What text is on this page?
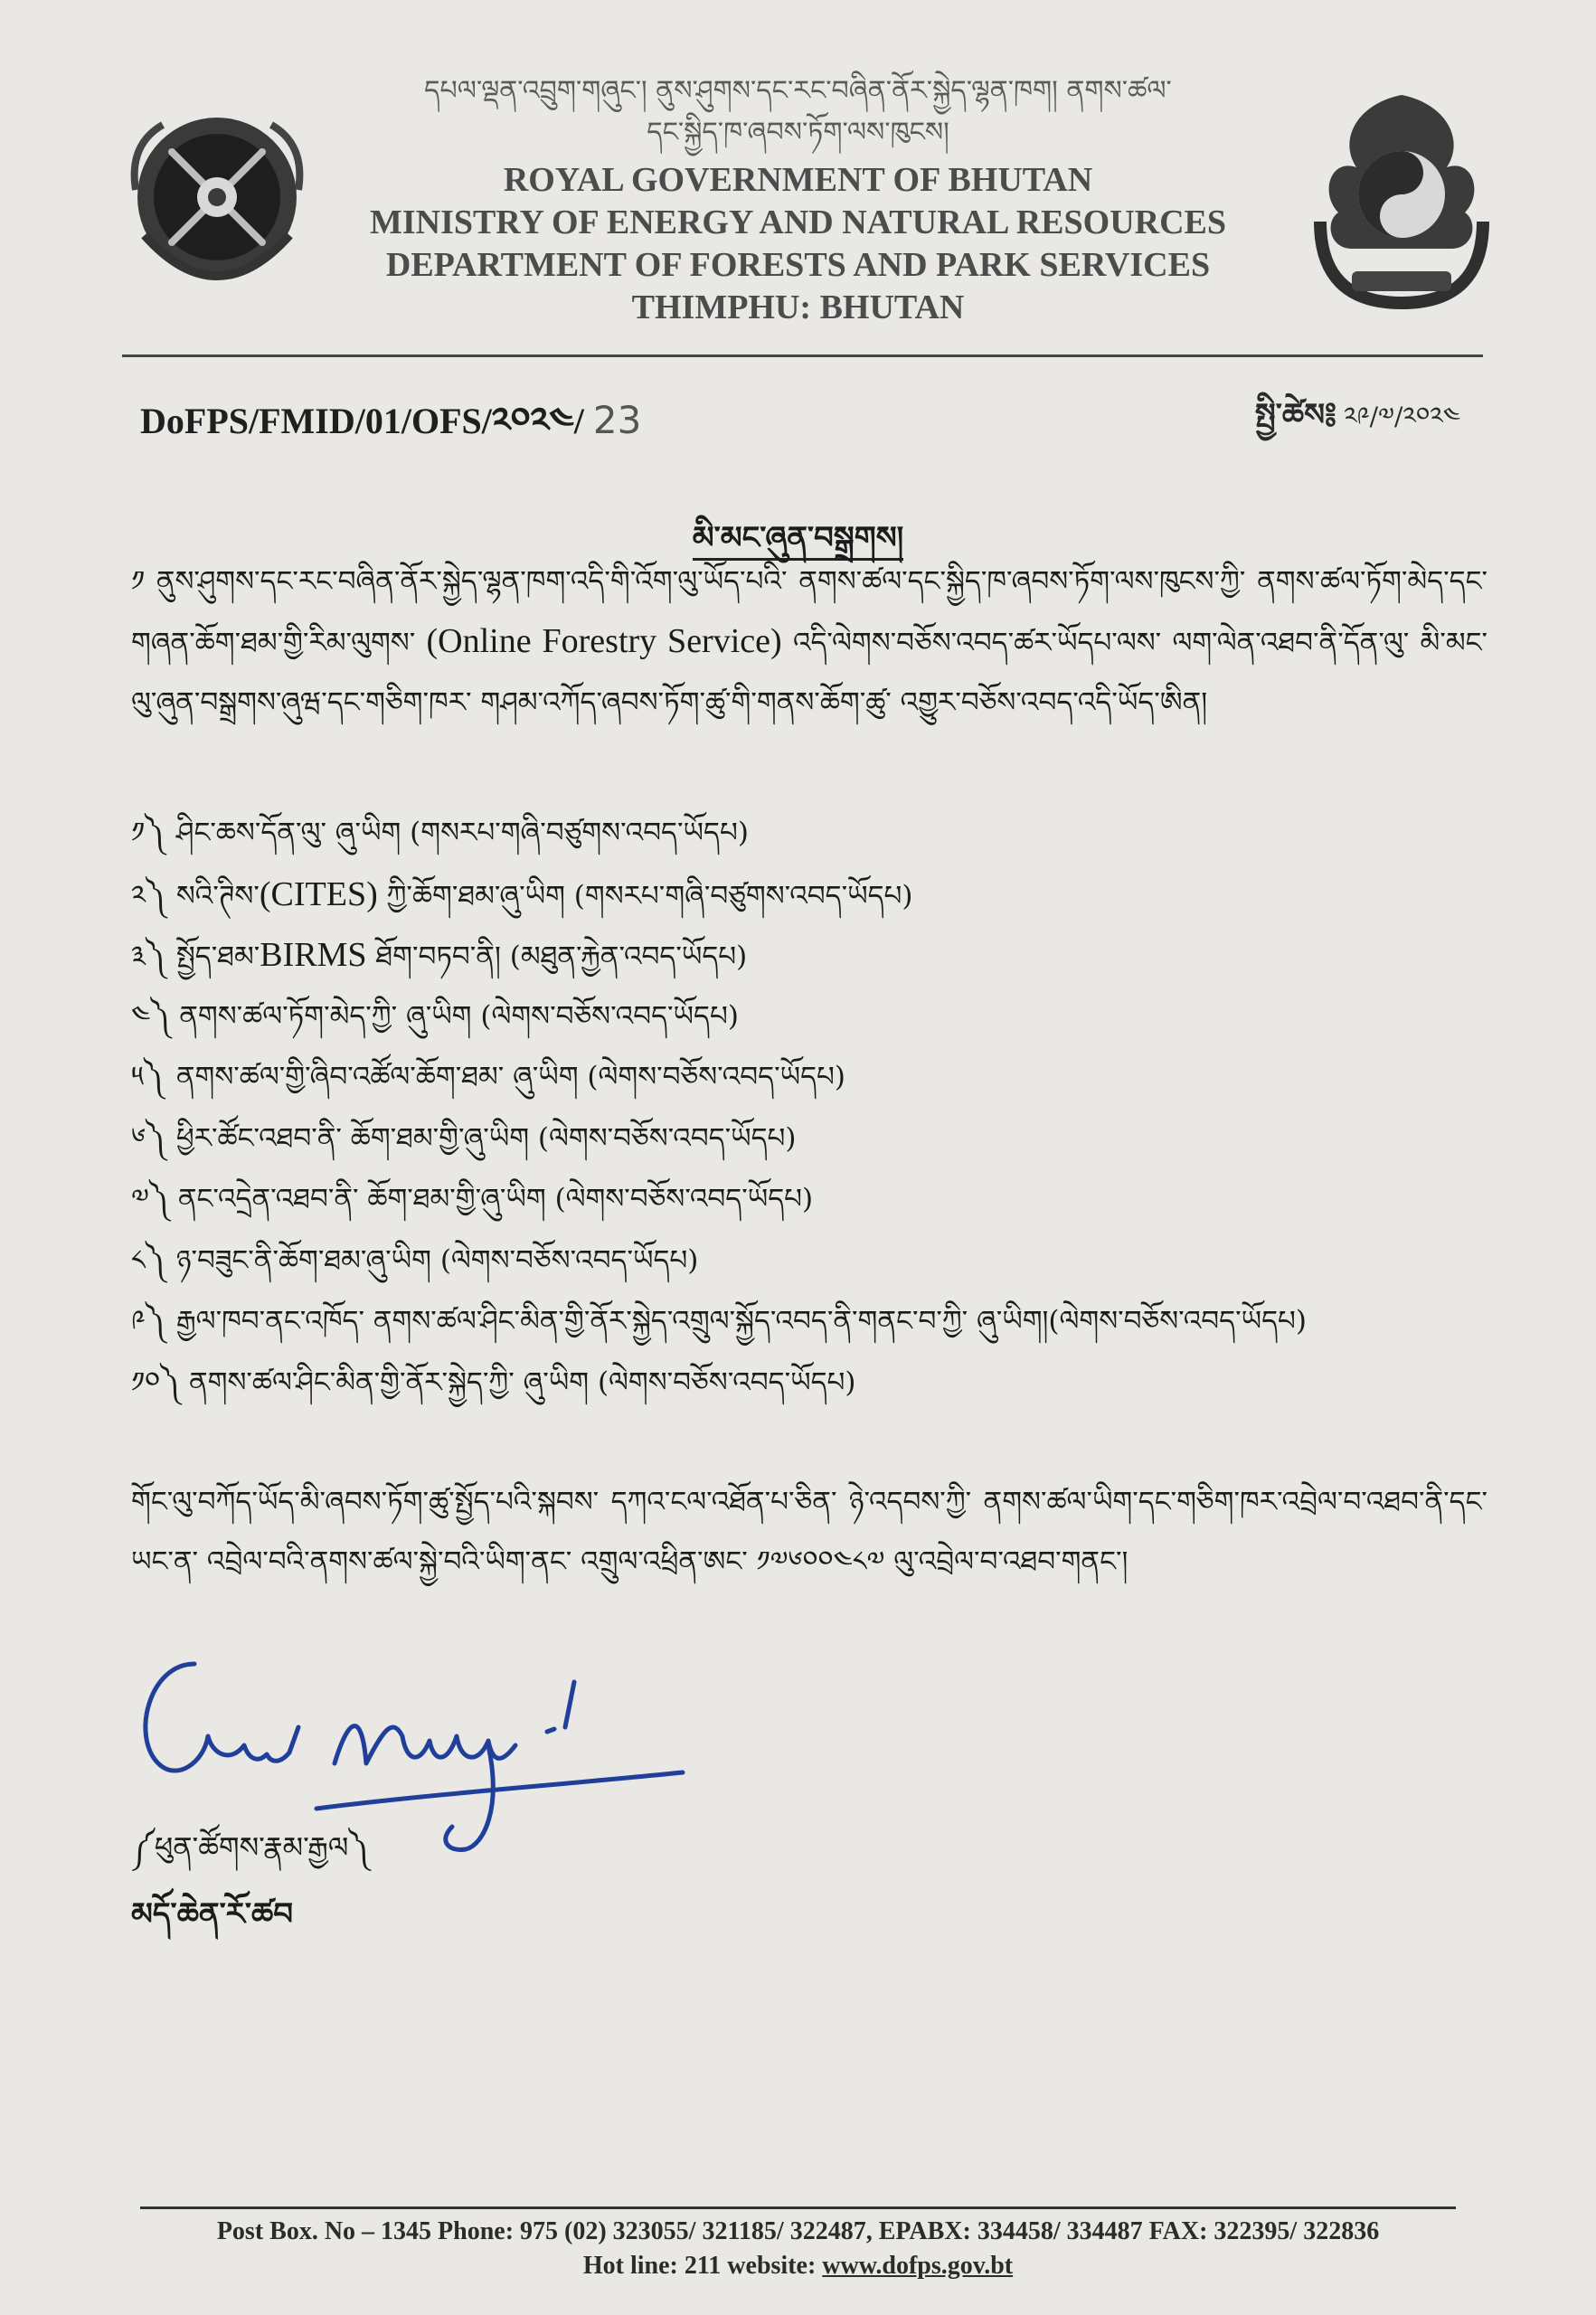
དཔལ་ལྡན་འབྲུག་གཞུང་། ནུས་ཤུགས་དང་རང་བཞིན་ནོར་སྐྱེད་ལྷན་ཁག། ནགས་ཚལ་
དང་སྐྱིད་ཁ་ཞབས་ཏོག་ལས་ཁུངས།
ROYAL GOVERNMENT OF BHUTAN
MINISTRY OF ENERGY AND NATURAL RESOURCES
DEPARTMENT OF FORESTS AND PARK SERVICES
THIMPHU: BHUTAN
DoFPS/FMID/01/OFS/༢༠༢༤/ 23	སྤྱི་ཚེས༔ ༢༩/༧/༢༠༢༤
མི་མང་ཞུན་བསྒྲགས།
༡ ནུས་ཤུགས་དང་རང་བཞིན་ནོར་སྐྱེད་ལྷན་ཁག་འདི་གི་འོག་ལུ་ཡོད་པའི་ ནགས་ཚལ་དང་སྐྱིད་ཁ་ཞབས་ཏོག་ལས་ཁུངས་ཀྱི་ ནགས་ཚལ་ཏོག་མེད་དང་གཞན་ཆོག་ཐམ་གྱི་རིམ་ལུགས་ (Online Forestry Service) འདི་ལེགས་བཅོས་འབད་ཚར་ཡོདཔ་ལས་ ལག་ལེན་འཐབ་ནི་དོན་ལུ་ མི་མང་ལུ་ཞུན་བསྒྲགས་ཞུཝ་དང་གཅིག་ཁར་ གཤམ་འཀོད་ཞབས་ཏོག་ཚུ་གི་གནས་ཆོག་ཚུ་ འགྱུར་བཅོས་འབད་འདི་ཡོད་ཨིན།
༡༽ ཤིང་ཆས་དོན་ལུ་ ཞུ་ཡིག (གསརཔ་གཞི་བཙུགས་འབད་ཡོདཔ)
༢༽ སའི་ཊིས་(CITES) ཀྱི་ཆོག་ཐམ་ཞུ་ཡིག (གསརཔ་གཞི་བཙུགས་འབད་ཡོདཔ)
༣༽ སྤྱོད་ཐམ་BIRMS ཐོག་བཏབ་ནི། (མཐུན་རྐྱེན་འབད་ཡོདཔ)
༤༽ ནགས་ཚལ་ཏོག་མེད་ཀྱི་ ཞུ་ཡིག (ལེགས་བཅོས་འབད་ཡོདཔ)
༥༽ ནགས་ཚལ་གྱི་ཞིབ་འཚོལ་ཆོག་ཐམ་ ཞུ་ཡིག (ལེགས་བཅོས་འབད་ཡོདཔ)
༦༽ ཕྱིར་ཚོང་འཐབ་ནི་ ཆོག་ཐམ་གྱི་ཞུ་ཡིག (ལེགས་བཅོས་འབད་ཡོདཔ)
༧༽ ནང་འདྲེན་འཐབ་ནི་ ཆོག་ཐམ་གྱི་ཞུ་ཡིག (ལེགས་བཅོས་འབད་ཡོདཔ)
༨༽ ཉ་བཟུང་ནི་ཆོག་ཐམ་ཞུ་ཡིག (ལེགས་བཅོས་འབད་ཡོདཔ)
༩༽ རྒྱལ་ཁབ་ནང་འཁོད་ ནགས་ཚལ་ཤིང་མིན་གྱི་ནོར་སྐྱེད་འགྲུལ་སྐྱོད་འབད་ནི་གནང་བ་ཀྱི་ ཞུ་ཡིག།(ལེགས་བཅོས་འབད་ཡོདཔ)
༡༠༽ ནགས་ཚལ་ཤིང་མིན་གྱི་ནོར་སྐྱེད་ཀྱི་ ཞུ་ཡིག (ལེགས་བཅོས་འབད་ཡོདཔ)
གོང་ལུ་བཀོད་ཡོད་མི་ཞབས་ཏོག་ཚུ་སྤྱོད་པའི་སྐབས་ དཀའ་ངལ་འཐོན་པ་ཅིན་ ཉེ་འདབས་ཀྱི་ ནགས་ཚལ་ཡིག་དང་གཅིག་ཁར་འབྲེལ་བ་འཐབ་ནི་དང་ ཡང་ན་ འབྲེལ་བའི་ནགས་ཚལ་སྐྱེ་བའི་ཡིག་ནང་ འགྲུལ་འཕྲིན་ཨང་ ༡༧༦༠༠༤༨༧ ལུ་འབྲེལ་བ་འཐབ་གནང་།
༼ཕུན་ཚོགས་རྣམ་རྒྱལ༽
མདོ་ཆེན་རོ་ཚབ
Post Box. No – 1345 Phone: 975 (02) 323055/ 321185/ 322487, EPABX: 334458/ 334487 FAX: 322395/ 322836
Hot line: 211 website: www.dofps.gov.bt
